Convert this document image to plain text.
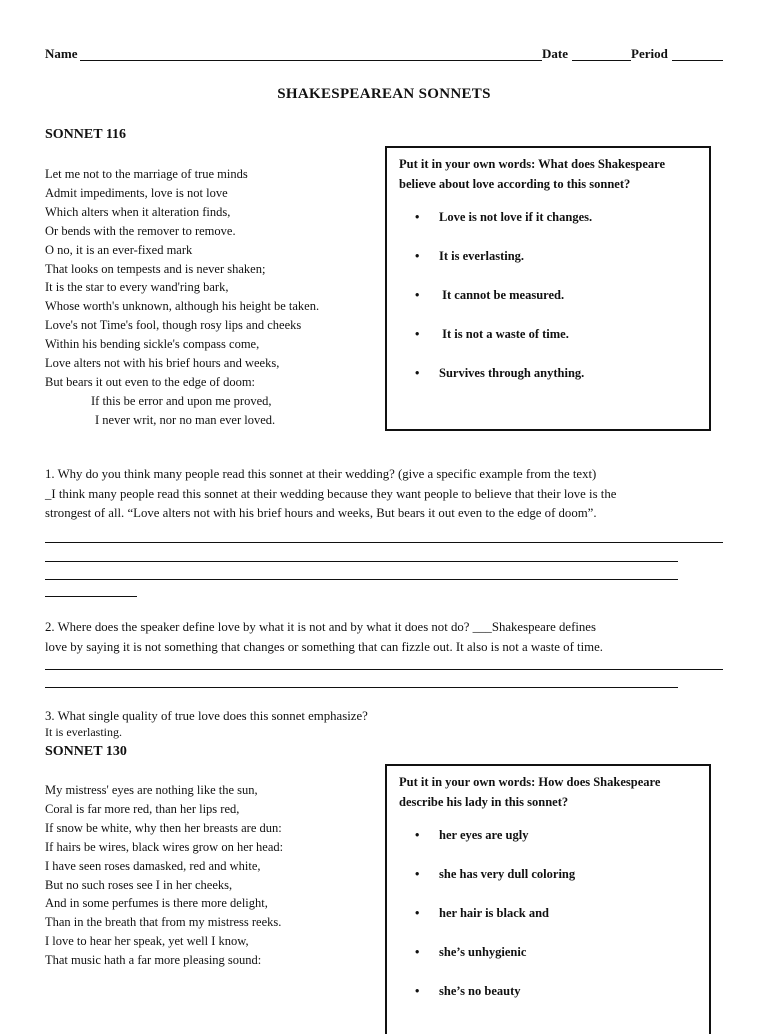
Name	Date	Period
SHAKESPEAREAN SONNETS
SONNET 116
Let me not to the marriage of true minds
Admit impediments, love is not love
Which alters when it alteration finds,
Or bends with the remover to remove.
O no, it is an ever-fixed mark
That looks on tempests and is never shaken;
It is the star to every wand'ring bark,
Whose worth's unknown, although his height be taken.
Love's not Time's fool, though rosy lips and cheeks
Within his bending sickle's compass come,
Love alters not with his brief hours and weeks,
But bears it out even to the edge of doom:
If this be error and upon me proved,
I never writ, nor no man ever loved.
Put it in your own words: What does Shakespeare
believe about love according to this sonnet?
• Love is not love if it changes.
• It is everlasting.
• It cannot be measured.
• It is not a waste of time.
• Survives through anything.
1. Why do you think many people read this sonnet at their wedding? (give a specific example from the text)
_I think many people read this sonnet at their wedding because they want people to believe that their love is the
strongest of all. “Love alters not with his brief hours and weeks, But bears it out even to the edge of doom”.
2. Where does the speaker define love by what it is not and by what it does not do? ___Shakespeare defines
love by saying it is not something that changes or something that can fizzle out. It also is not a waste of time.
3. What single quality of true love does this sonnet emphasize?
It is everlasting.
SONNET 130
My mistress' eyes are nothing like the sun,
Coral is far more red, than her lips red,
If snow be white, why then her breasts are dun:
If hairs be wires, black wires grow on her head:
I have seen roses damasked, red and white,
But no such roses see I in her cheeks,
And in some perfumes is there more delight,
Than in the breath that from my mistress reeks.
I love to hear her speak, yet well I know,
That music hath a far more pleasing sound:
Put it in your own words: How does Shakespeare
describe his lady in this sonnet?
• her eyes are ugly
• she has very dull coloring
• her hair is black and
• she’s unhygienic
• she’s no beauty
